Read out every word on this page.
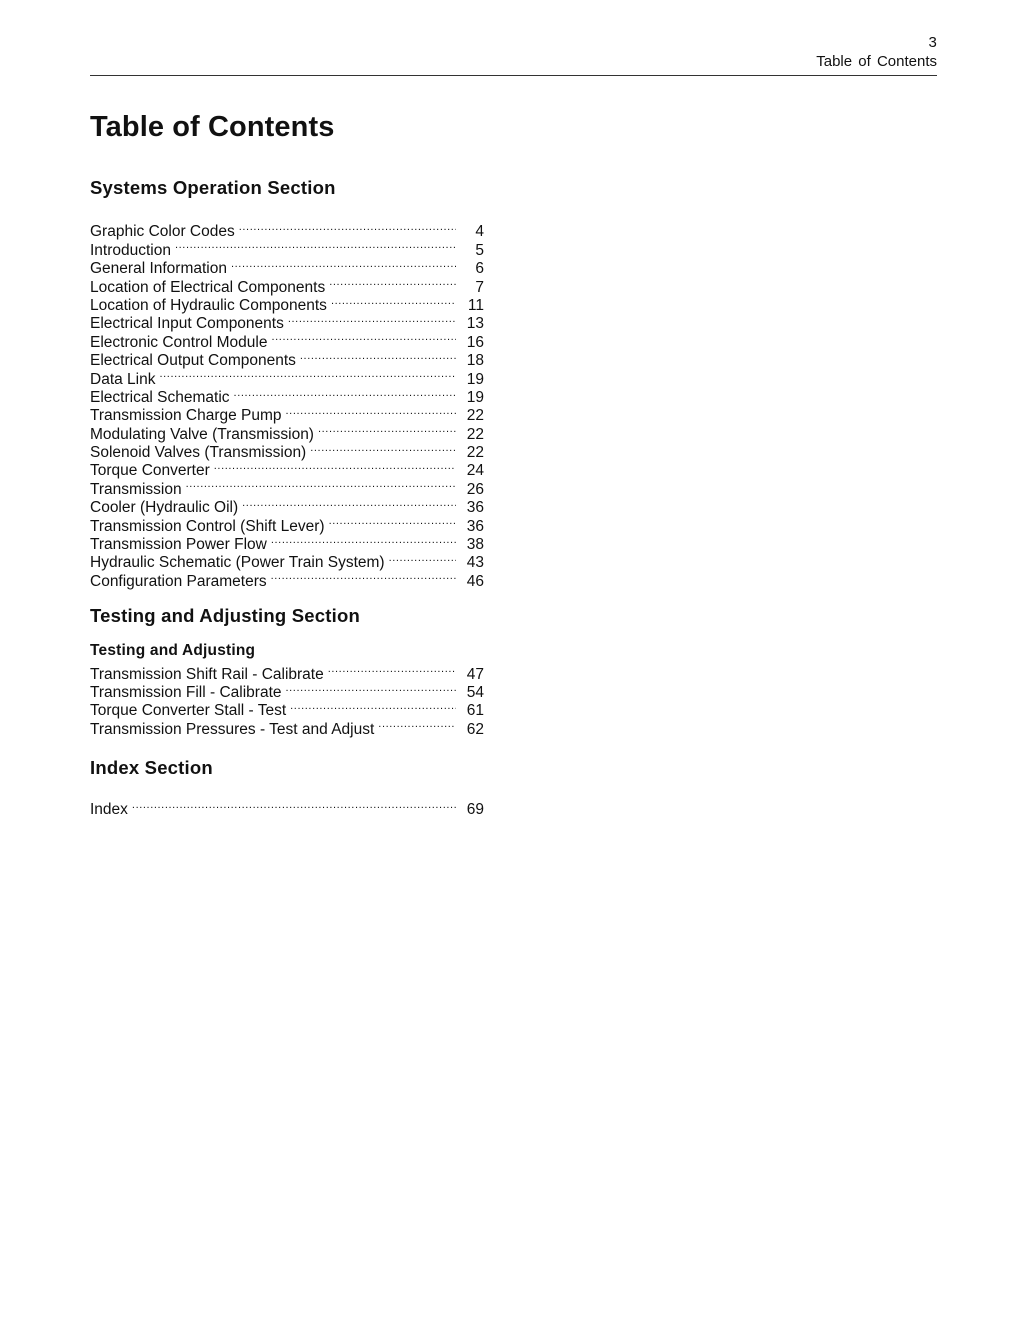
3
Table of Contents
Table of Contents
Systems Operation Section
Graphic Color Codes .....	4
Introduction .....	5
General Information .....	6
Location of Electrical Components .....	7
Location of Hydraulic Components .....	11
Electrical Input Components .....	13
Electronic Control Module .....	16
Electrical Output Components .....	18
Data Link .....	19
Electrical Schematic .....	19
Transmission Charge Pump .....	22
Modulating Valve (Transmission) .....	22
Solenoid Valves (Transmission) .....	22
Torque Converter .....	24
Transmission .....	26
Cooler (Hydraulic Oil) .....	36
Transmission Control (Shift Lever) .....	36
Transmission Power Flow .....	38
Hydraulic Schematic (Power Train System) .....	43
Configuration Parameters .....	46
Testing and Adjusting Section
Testing and Adjusting
Transmission Shift Rail - Calibrate .....	47
Transmission Fill - Calibrate .....	54
Torque Converter Stall - Test .....	61
Transmission Pressures - Test and Adjust .....	62
Index Section
Index .....	69
